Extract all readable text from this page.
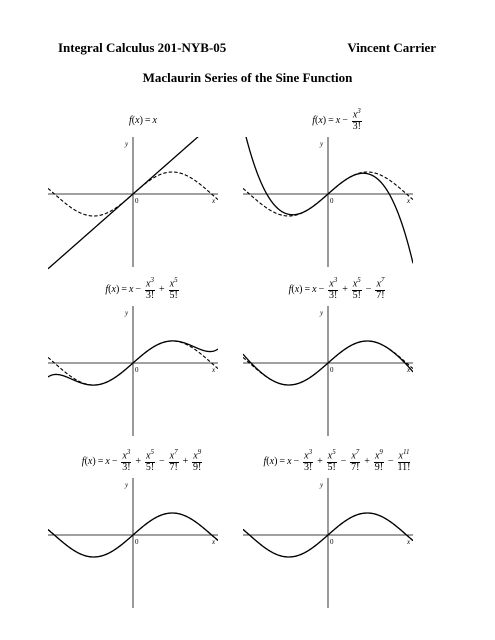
Integral Calculus 201-NYB-05	Vincent Carrier
Maclaurin Series of the Sine Function
f ( x ) = x
y
x
0
f ( x ) = $x - \frac{x^3}{3!}$
y
x
0
f ( x ) = $x - \frac{x^3}{3!} + \frac{x^5}{5!}$
y
x
0
f ( x ) = $x - \frac{x^3}{3!} + \frac{x^5}{5!} - \frac{x^7}{7!}$
y
x
0
f ( x ) = $x - \frac{x^3}{3!} + \frac{x^5}{5!} - \frac{x^7}{7!} + \frac{x^9}{9!}$
y
x
0
f ( x ) = $x - \frac{x^3}{3!} + \frac{x^5}{5!} - \frac{x^7}{7!} + \frac{x^9}{9!} - \frac{x^{11}}{11!}$
y
x
0
